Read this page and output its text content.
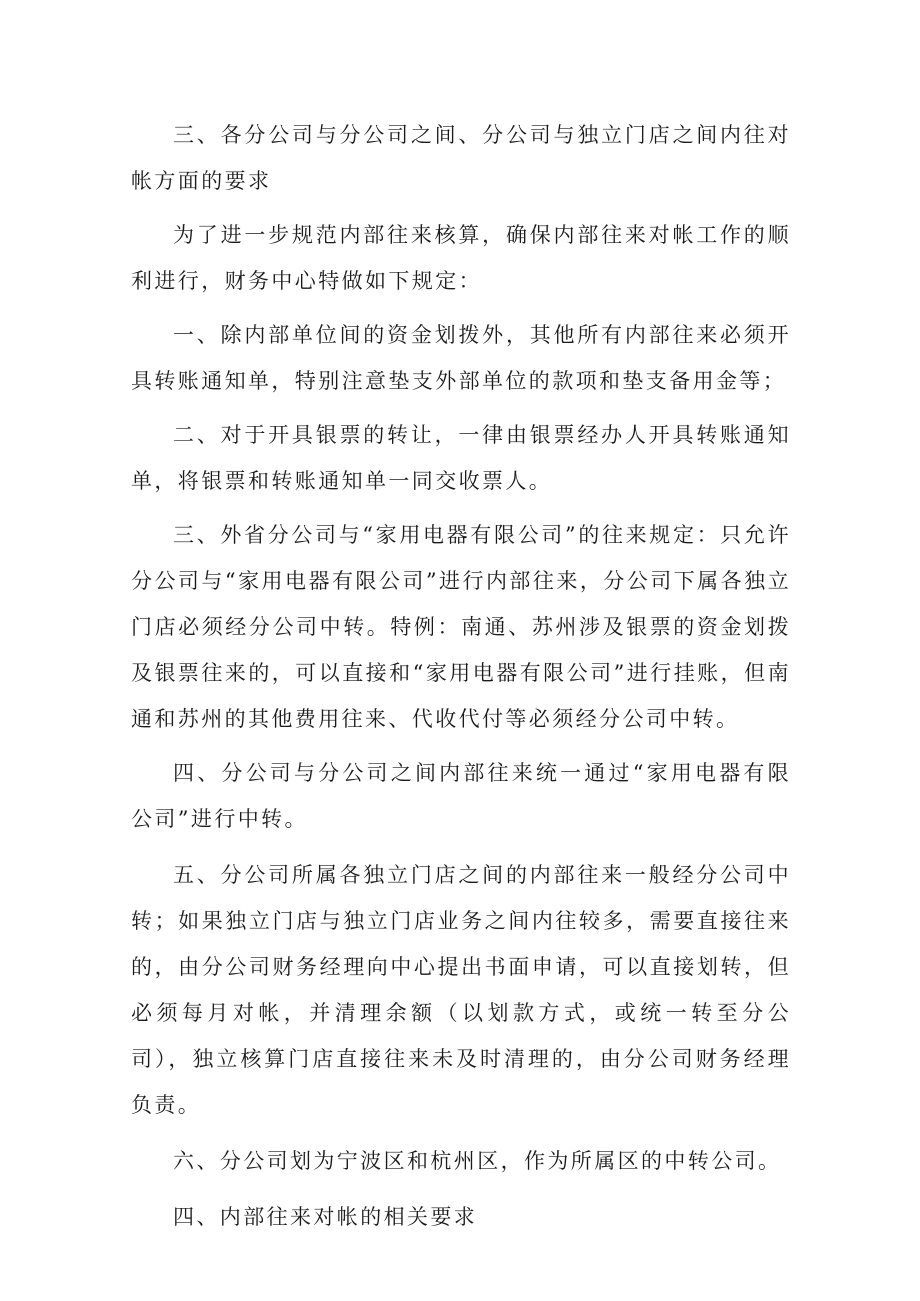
三、各分公司与分公司之间、分公司与独立门店之间内往对帐方面的要求

为了进一步规范内部往来核算，确保内部往来对帐工作的顺利进行，财务中心特做如下规定：

一、除内部单位间的资金划拨外，其他所有内部往来必须开具转账通知单，特别注意垫支外部单位的款项和垫支备用金等；

二、对于开具银票的转让，一律由银票经办人开具转账通知单，将银票和转账通知单一同交收票人。

三、外省分公司与“家用电器有限公司”的往来规定：只允许分公司与“家用电器有限公司”进行内部往来，分公司下属各独立门店必须经分公司中转。特例：南通、苏州涉及银票的资金划拨及银票往来的，可以直接和“家用电器有限公司”进行挂账，但南通和苏州的其他费用往来、代收代付等必须经分公司中转。

四、分公司与分公司之间内部往来统一通过“家用电器有限公司”进行中转。

五、分公司所属各独立门店之间的内部往来一般经分公司中转；如果独立门店与独立门店业务之间内往较多，需要直接往来的，由分公司财务经理向中心提出书面申请，可以直接划转，但必须每月对帐，并清理余额（以划款方式，或统一转至分公司），独立核算门店直接往来未及时清理的，由分公司财务经理负责。

六、分公司划为宁波区和杭州区，作为所属区的中转公司。

四、内部往来对帐的相关要求
